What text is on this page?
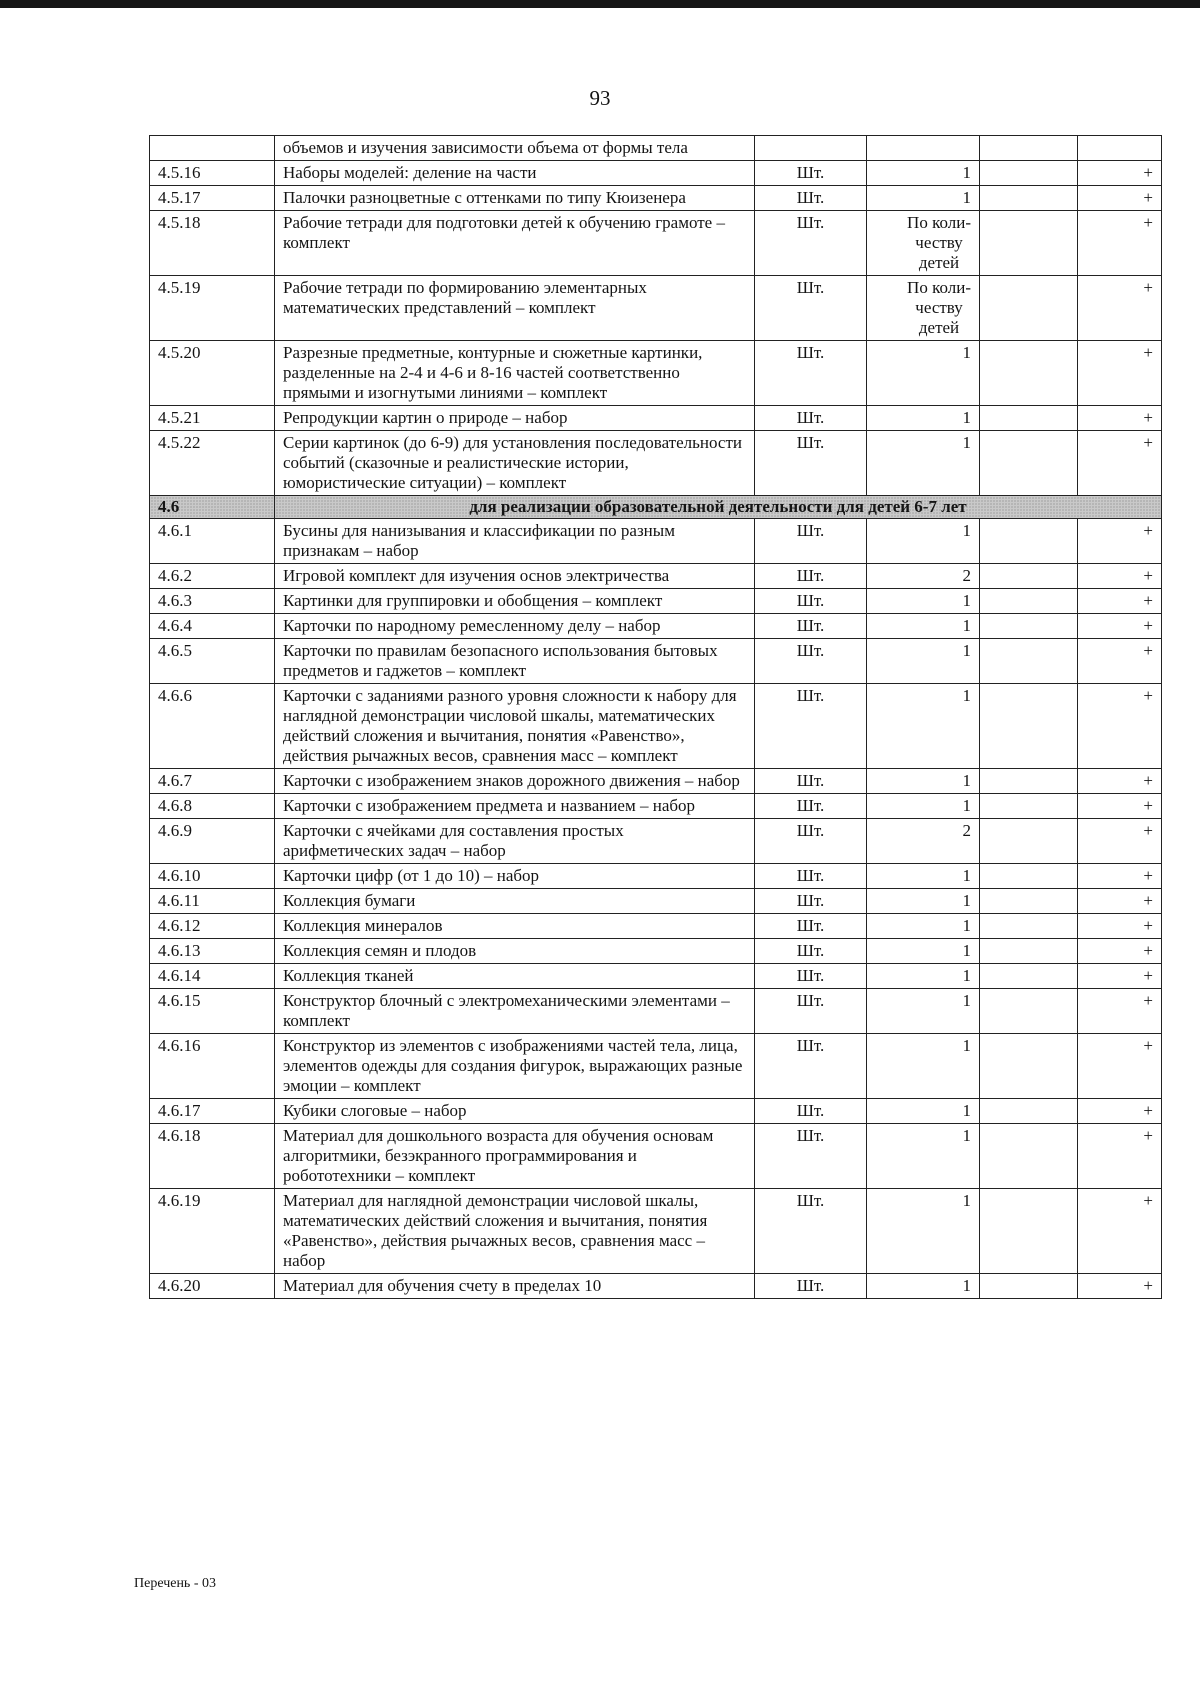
93
	объемов и изучения зависимости объема от формы тела				
4.5.16	Наборы моделей: деление на части	Шт.	1		+
4.5.17	Палочки разноцветные с оттенками по типу Кюизенера	Шт.	1		+
4.5.18	Рабочие тетради для подготовки детей к обучению грамоте – комплект	Шт.	По коли-
честву
детей		+
4.5.19	Рабочие тетради по формированию элементарных математических представлений – комплект	Шт.	По коли-
честву
детей		+
4.5.20	Разрезные предметные, контурные и сюжетные картинки, разделенные на 2-4 и 4-6 и 8-16 частей соответственно прямыми и изогнутыми линиями – комплект	Шт.	1		+
4.5.21	Репродукции картин о природе – набор	Шт.	1		+
4.5.22	Серии картинок (до 6-9) для установления последовательности событий (сказочные и реалистические истории, юмористические ситуации) – комплект	Шт.	1		+
4.6	для реализации образовательной деятельности для детей 6-7 лет				
4.6.1	Бусины для нанизывания и классификации по разным признакам – набор	Шт.	1		+
4.6.2	Игровой комплект для изучения основ электричества	Шт.	2		+
4.6.3	Картинки для группировки и обобщения – комплект	Шт.	1		+
4.6.4	Карточки по народному ремесленному делу – набор	Шт.	1		+
4.6.5	Карточки по правилам безопасного использования бытовых предметов и гаджетов – комплект	Шт.	1		+
4.6.6	Карточки с заданиями разного уровня сложности к набору для наглядной демонстрации числовой шкалы, математических действий сложения и вычитания, понятия «Равенство», действия рычажных весов, сравнения масс – комплект	Шт.	1		+
4.6.7	Карточки с изображением знаков дорожного движения – набор	Шт.	1		+
4.6.8	Карточки с изображением предмета и названием – набор	Шт.	1		+
4.6.9	Карточки с ячейками для составления простых арифметических задач – набор	Шт.	2		+
4.6.10	Карточки цифр (от 1 до 10) – набор	Шт.	1		+
4.6.11	Коллекция бумаги	Шт.	1		+
4.6.12	Коллекция минералов	Шт.	1		+
4.6.13	Коллекция семян и плодов	Шт.	1		+
4.6.14	Коллекция тканей	Шт.	1		+
4.6.15	Конструктор блочный с электромеханическими элементами – комплект	Шт.	1		+
4.6.16	Конструктор из элементов с изображениями частей тела, лица, элементов одежды для создания фигурок, выражающих разные эмоции – комплект	Шт.	1		+
4.6.17	Кубики слоговые – набор	Шт.	1		+
4.6.18	Материал для дошкольного возраста для обучения основам алгоритмики, безэкранного программирования и робототехники – комплект	Шт.	1		+
4.6.19	Материал для наглядной демонстрации числовой шкалы, математических действий сложения и вычитания, понятия «Равенство», действия рычажных весов, сравнения масс – набор	Шт.	1		+
4.6.20	Материал для обучения счету в пределах 10	Шт.	1		+
Перечень - 03
